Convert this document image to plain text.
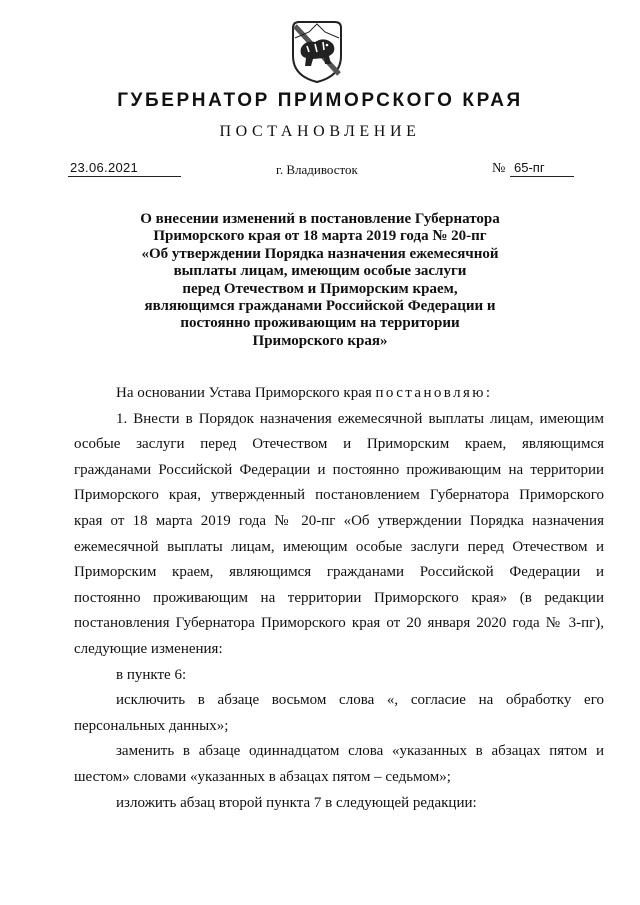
ГУБЕРНАТОР ПРИМОРСКОГО КРАЯ
ПОСТАНОВЛЕНИЕ
23.06.2021	г. Владивосток	№ 65-пг
О внесении изменений в постановление Губернатора
Приморского края от 18 марта 2019 года № 20-пг
«Об утверждении Порядка назначения ежемесячной
выплаты лицам, имеющим особые заслуги
перед Отечеством и Приморским краем,
являющимся гражданами Российской Федерации и
постоянно проживающим на территории
Приморского края»
На основании Устава Приморского края постановляю:
1. Внести в Порядок назначения ежемесячной выплаты лицам, имеющим
особые заслуги перед Отечеством и Приморским краем, являющимся
гражданами Российской Федерации и постоянно проживающим на территории
Приморского края, утвержденный постановлением Губернатора Приморского
края от 18 марта 2019 года № 20-пг «Об утверждении Порядка назначения
ежемесячной выплаты лицам, имеющим особые заслуги перед Отечеством и
Приморским краем, являющимся гражданами Российской Федерации и
постоянно проживающим на территории Приморского края» (в редакции
постановления Губернатора Приморского края от 20 января 2020 года № 3-пг),
следующие изменения:
в пункте 6:
исключить в абзаце восьмом слова «, согласие на обработку его
персональных данных»;
заменить в абзаце одиннадцатом слова «указанных в абзацах пятом и
шестом» словами «указанных в абзацах пятом – седьмом»;
изложить абзац второй пункта 7 в следующей редакции:
